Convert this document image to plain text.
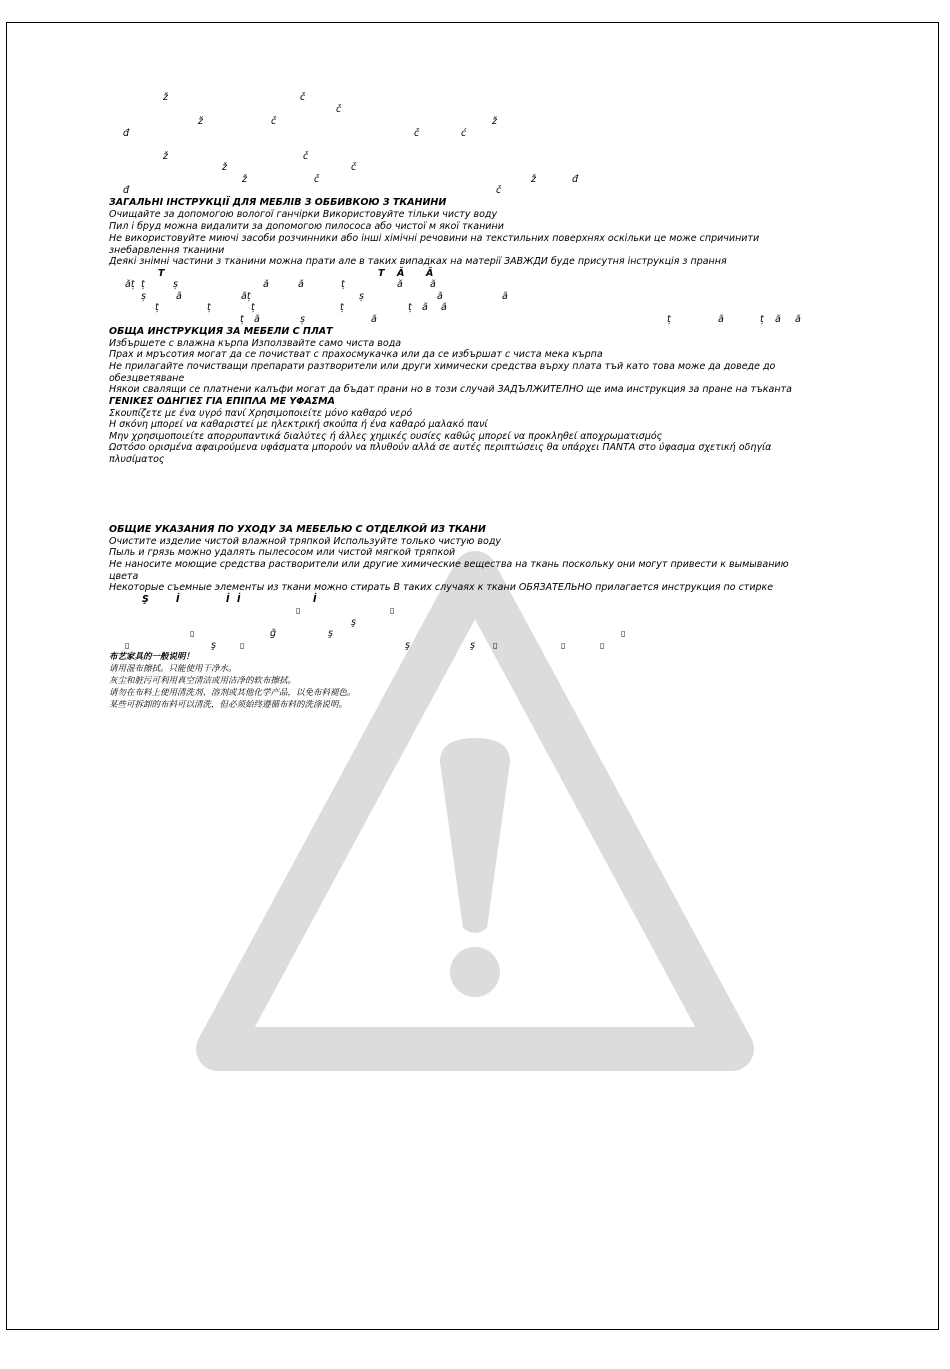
ž	č
č
ž	č	ž
đ	č	ć
ž	č
ž	č
ž	č	ž	đ
đ	č
ЗАГАЛЬНІ ІНСТРУКЦІЇ ДЛЯ МЕБЛІВ З ОББИВКОЮ З ТКАНИНИ
Очищайте за допомогою вологої ганчірки Використовуйте тільки чисту воду
Пил і бруд можна видалити за допомогою пилососа або чистої м якої тканини
Не використовуйте миючі засоби розчинники або інші хімічні речовини на текстильних поверхнях оскільки це може спричинити
знебарвлення тканини
Деякі знімні частини з тканини можна прати але в таких випадках на матерії ЗАВЖДИ буде присутня інструкція з прання
T	T Ă Ă
ăț ț	ș	ă	ă	ț	ă	ă
ș	ă	ăț	ș	ă	ă
ț	ț	ț	ț	ț ă ă
ț ă	ș	ă	ț	ă	ț ă ă
ОБЩА ИНСТРУКЦИЯ ЗА МЕБЕЛИ С ПЛАТ
Избършете с влажна кърпа Използвайте само чиста вода
Прах и мръсотия могат да се почистват с прахосмукачка или да се избършат с чиста мека кърпа
Не прилагайте почистващи препарати разтворители или други химически средства върху плата тъй като това може да доведе до
обезцветяване
Някои свалящи се платнени калъфи могат да бъдат прани но в този случай ЗАДЪЛЖИТЕЛНО ще има инструкция за пране на тъканта
ΓΕΝΙΚΕΣ ΟΔΗΓΙΕΣ ΓΙΑ ΕΠΙΠΛΑ ΜΕ ΥΦΑΣΜΑ
Σκουπίζετε με ένα υγρό πανί Χρησιμοποιείτε μόνο καθαρό νερό
Η σκόνη μπορεί να καθαριστεί με ηλεκτρική σκούπα ή ένα καθαρό μαλακό πανί
Μην χρησιμοποιείτε απορρυπαντικά διαλύτες ή άλλες χημικές ουσίες καθώς μπορεί να προκληθεί αποχρωματισμός
Ωστόσο ορισμένα αφαιρούμενα υφάσματα μπορούν να πλυθούν αλλά σε αυτές περιπτώσεις θα υπάρχει ΠΑΝΤΑ στο ύφασμα σχετική οδηγία
πλυσίματος
ОБЩИЕ УКАЗАНИЯ ПО УХОДУ ЗА МЕБЕЛЬЮ С ОТДЕЛКОЙ ИЗ ТКАНИ
Очистите изделие чистой влажной тряпкой Используйте только чистую воду
Пыль и грязь можно удалять пылесосом или чистой мягкой тряпкой
Не наносите моющие средства растворители или другие химические вещества на ткань поскольку они могут привести к вымыванию
цвета
Некоторые съемные элементы из ткани можно стирать В таких случаях к ткани ОБЯЗАТЕЛЬНО прилагается инструкция по стирке
Ş	İ	İ İ	İ
▯	▯
ş
▯	ğ	ş	▯
▯	ş	▯	ş	ş ▯	▯	▯
布艺家具的一般说明！
请用湿布擦拭。只能使用干净水。
灰尘和脏污可利用真空清洁或用洁净的软布擦拭。
请勿在布料上使用清洗剂、溶剂或其他化学产品，以免布料褪色。
某些可拆卸的布料可以清洗，但必须始终遵循布料的洗涤说明。
